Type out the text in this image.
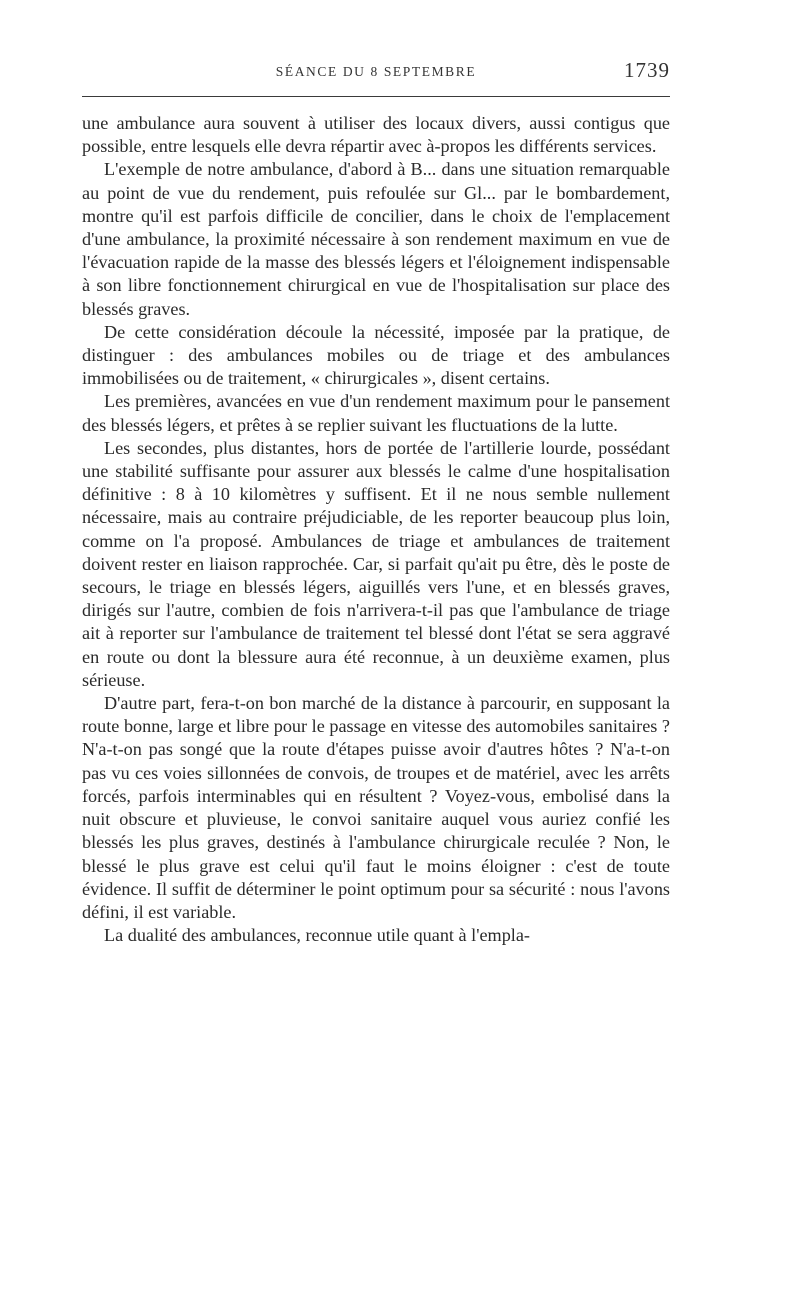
SÉANCE DU 8 SEPTEMBRE	1739

une ambulance aura souvent à utiliser des locaux divers, aussi contigus que possible, entre lesquels elle devra répartir avec à-propos les différents services.

L'exemple de notre ambulance, d'abord à B... dans une situation remarquable au point de vue du rendement, puis refoulée sur Gl... par le bombardement, montre qu'il est parfois difficile de concilier, dans le choix de l'emplacement d'une ambulance, la proximité nécessaire à son rendement maximum en vue de l'évacuation rapide de la masse des blessés légers et l'éloignement indispensable à son libre fonctionnement chirurgical en vue de l'hospitalisation sur place des blessés graves.

De cette considération découle la nécessité, imposée par la pratique, de distinguer : des ambulances mobiles ou de triage et des ambulances immobilisées ou de traitement, « chirurgicales », disent certains.

Les premières, avancées en vue d'un rendement maximum pour le pansement des blessés légers, et prêtes à se replier suivant les fluctuations de la lutte.

Les secondes, plus distantes, hors de portée de l'artillerie lourde, possédant une stabilité suffisante pour assurer aux blessés le calme d'une hospitalisation définitive : 8 à 10 kilomètres y suffisent. Et il ne nous semble nullement nécessaire, mais au contraire préjudiciable, de les reporter beaucoup plus loin, comme on l'a proposé. Ambulances de triage et ambulances de traitement doivent rester en liaison rapprochée. Car, si parfait qu'ait pu être, dès le poste de secours, le triage en blessés légers, aiguillés vers l'une, et en blessés graves, dirigés sur l'autre, combien de fois n'arrivera-t-il pas que l'ambulance de triage ait à reporter sur l'ambulance de traitement tel blessé dont l'état se sera aggravé en route ou dont la blessure aura été reconnue, à un deuxième examen, plus sérieuse.

D'autre part, fera-t-on bon marché de la distance à parcourir, en supposant la route bonne, large et libre pour le passage en vitesse des automobiles sanitaires ? N'a-t-on pas songé que la route d'étapes puisse avoir d'autres hôtes ? N'a-t-on pas vu ces voies sillonnées de convois, de troupes et de matériel, avec les arrêts forcés, parfois interminables qui en résultent ? Voyez-vous, embolisé dans la nuit obscure et pluvieuse, le convoi sanitaire auquel vous auriez confié les blessés les plus graves, destinés à l'ambulance chirurgicale reculée ? Non, le blessé le plus grave est celui qu'il faut le moins éloigner : c'est de toute évidence. Il suffit de déterminer le point optimum pour sa sécurité : nous l'avons défini, il est variable.

La dualité des ambulances, reconnue utile quant à l'empla-
